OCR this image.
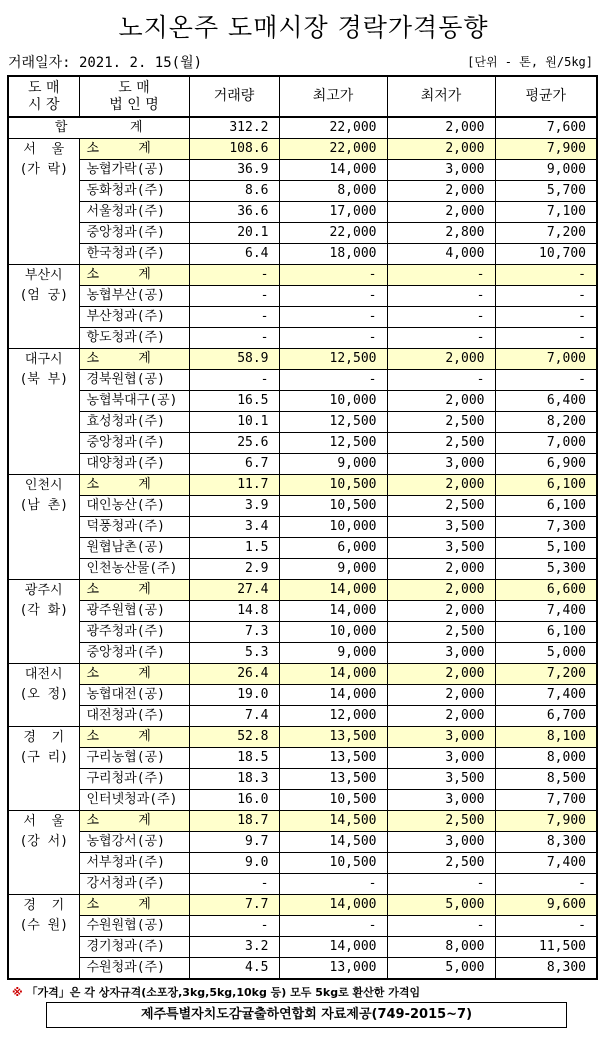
노지온주 도매시장 경락가격동향
거래일자: 2021. 2. 15(월)	[단위 - 톤, 원/5kg]
도 매
시 장	도 매
법 인 명	거래량	최고가	최저가	평균가
합        계		312.2	22,000	2,000	7,600

서  울
(가 락)	소     계	108.6	22,000	2,000	7,900
	농협가락(공)	36.9	14,000	3,000	9,000
	동화청과(주)	8.6	8,000	2,000	5,700
	서울청과(주)	36.6	17,000	2,000	7,100
	중앙청과(주)	20.1	22,000	2,800	7,200
	한국청과(주)	6.4	18,000	4,000	10,700

부산시
(엄 궁)	소     계	-	-	-	-
	농협부산(공)	-	-	-	-
	부산청과(주)	-	-	-	-
	항도청과(주)	-	-	-	-

대구시
(북 부)	소     계	58.9	12,500	2,000	7,000
	경북원협(공)	-	-	-	-
	농협북대구(공)	16.5	10,000	2,000	6,400
	효성청과(주)	10.1	12,500	2,500	8,200
	중앙청과(주)	25.6	12,500	2,500	7,000
	대양청과(주)	6.7	9,000	3,000	6,900

인천시
(남 촌)	소     계	11.7	10,500	2,000	6,100
	대인농산(주)	3.9	10,500	2,500	6,100
	덕풍청과(주)	3.4	10,000	3,500	7,300
	원협남촌(공)	1.5	6,000	3,500	5,100
	인천농산물(주)	2.9	9,000	2,000	5,300

광주시
(각 화)	소     계	27.4	14,000	2,000	6,600
	광주원협(공)	14.8	14,000	2,000	7,400
	광주청과(주)	7.3	10,000	2,500	6,100
	중앙청과(주)	5.3	9,000	3,000	5,000

대전시
(오 정)	소     계	26.4	14,000	2,000	7,200
	농협대전(공)	19.0	14,000	2,000	7,400
	대전청과(주)	7.4	12,000	2,000	6,700

경  기
(구 리)	소     계	52.8	13,500	3,000	8,100
	구리농협(공)	18.5	13,500	3,000	8,000
	구리청과(주)	18.3	13,500	3,500	8,500
	인터넷청과(주)	16.0	10,500	3,000	7,700

서  울
(강 서)	소     계	18.7	14,500	2,500	7,900
	농협강서(공)	9.7	14,500	3,000	8,300
	서부청과(주)	9.0	10,500	2,500	7,400
	강서청과(주)	-	-	-	-

경  기
(수 원)	소     계	7.7	14,000	5,000	9,600
	수원원협(공)	-	-	-	-
	경기청과(주)	3.2	14,000	8,000	11,500
	수원청과(주)	4.5	13,000	5,000	8,300
※ 「가격」은 각 상자규격(소포장,3kg,5kg,10kg 등) 모두 5kg로 환산한 가격임
제주특별자치도감귤출하연합회 자료제공(749-2015~7)
